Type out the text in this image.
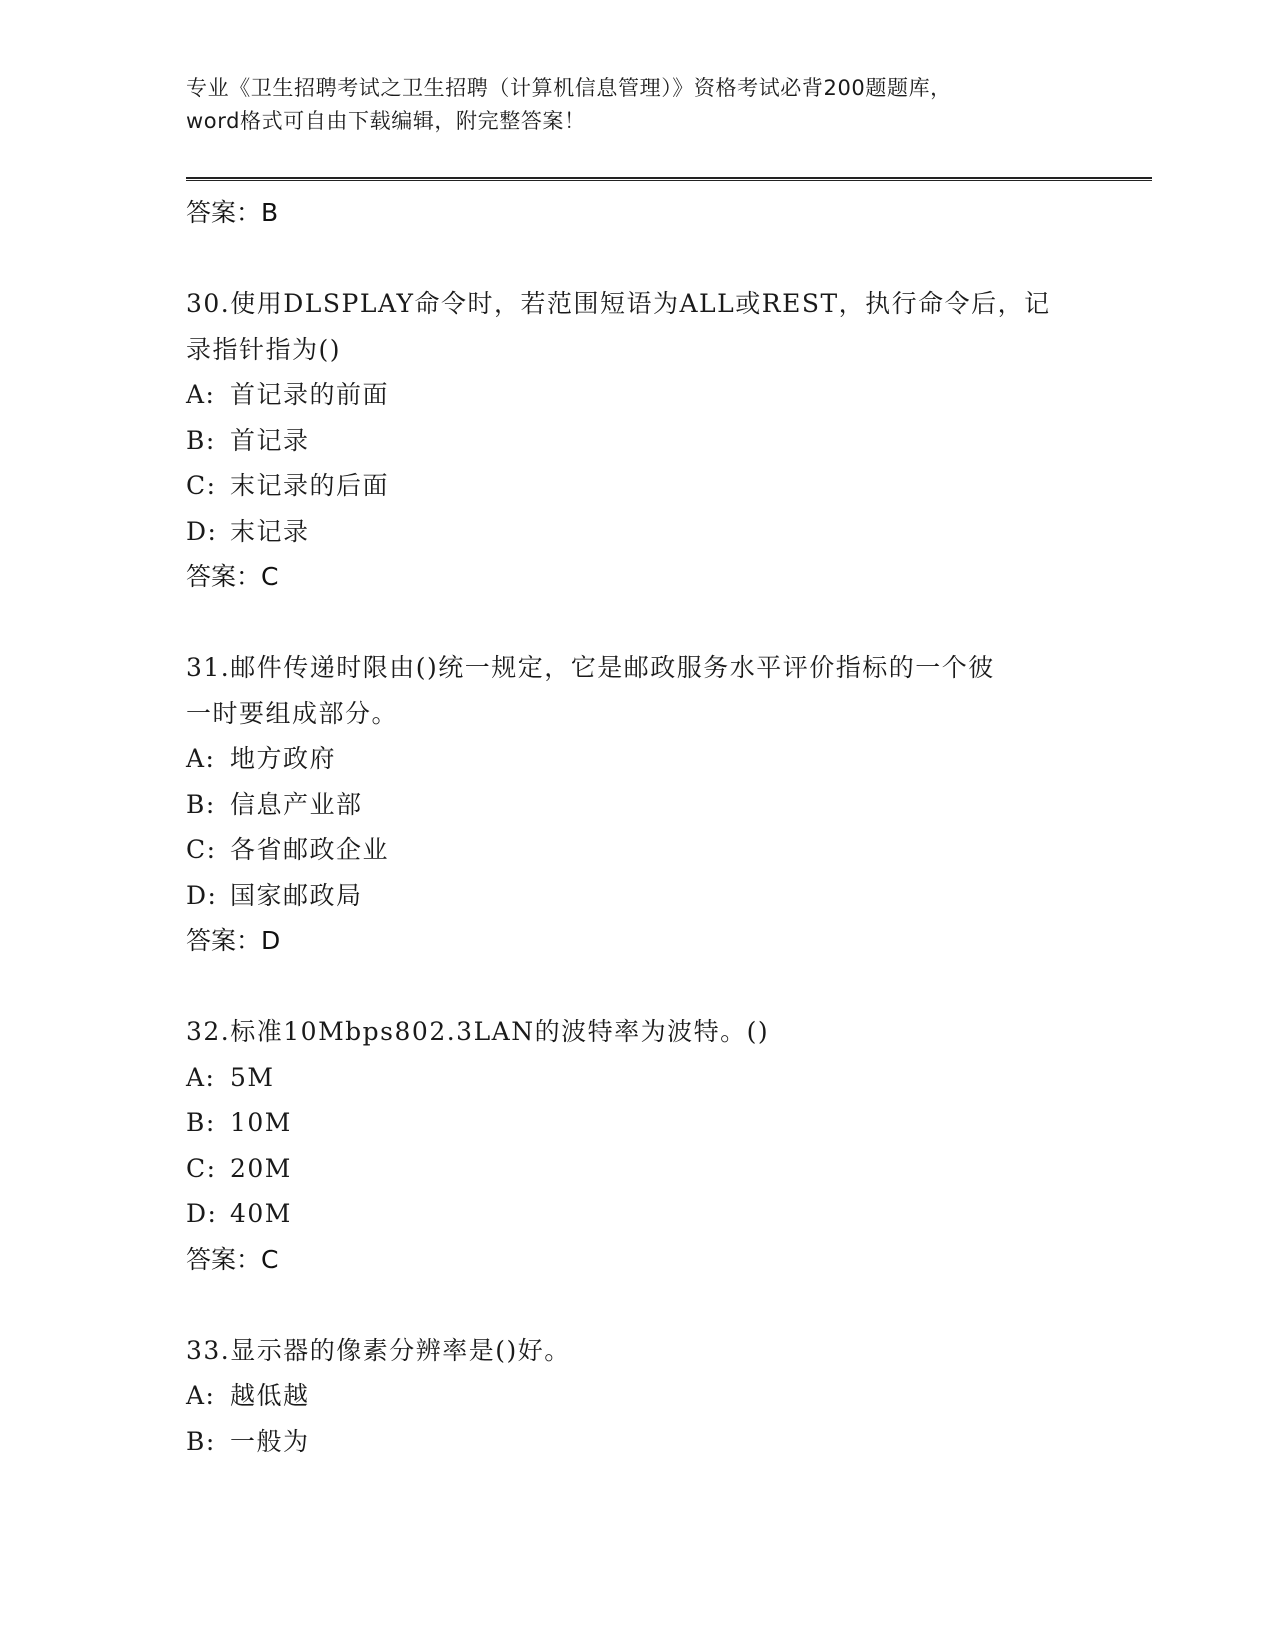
专业《卫生招聘考试之卫生招聘（计算机信息管理）》资格考试必背200题题库，
word格式可自由下载编辑，附完整答案！
答案：B
30.使用DLSPLAY命令时，若范围短语为ALL或REST，执行命令后，记
录指针指为()
A: 首记录的前面
B: 首记录
C: 末记录的后面
D: 末记录
答案：C
31.邮件传递时限由()统一规定，它是邮政服务水平评价指标的一个彼
一时要组成部分。
A: 地方政府
B: 信息产业部
C: 各省邮政企业
D: 国家邮政局
答案：D
32.标准10Mbps802.3LAN的波特率为波特。()
A: 5M
B: 10M
C: 20M
D: 40M
答案：C
33.显示器的像素分辨率是()好。
A: 越低越
B: 一般为
